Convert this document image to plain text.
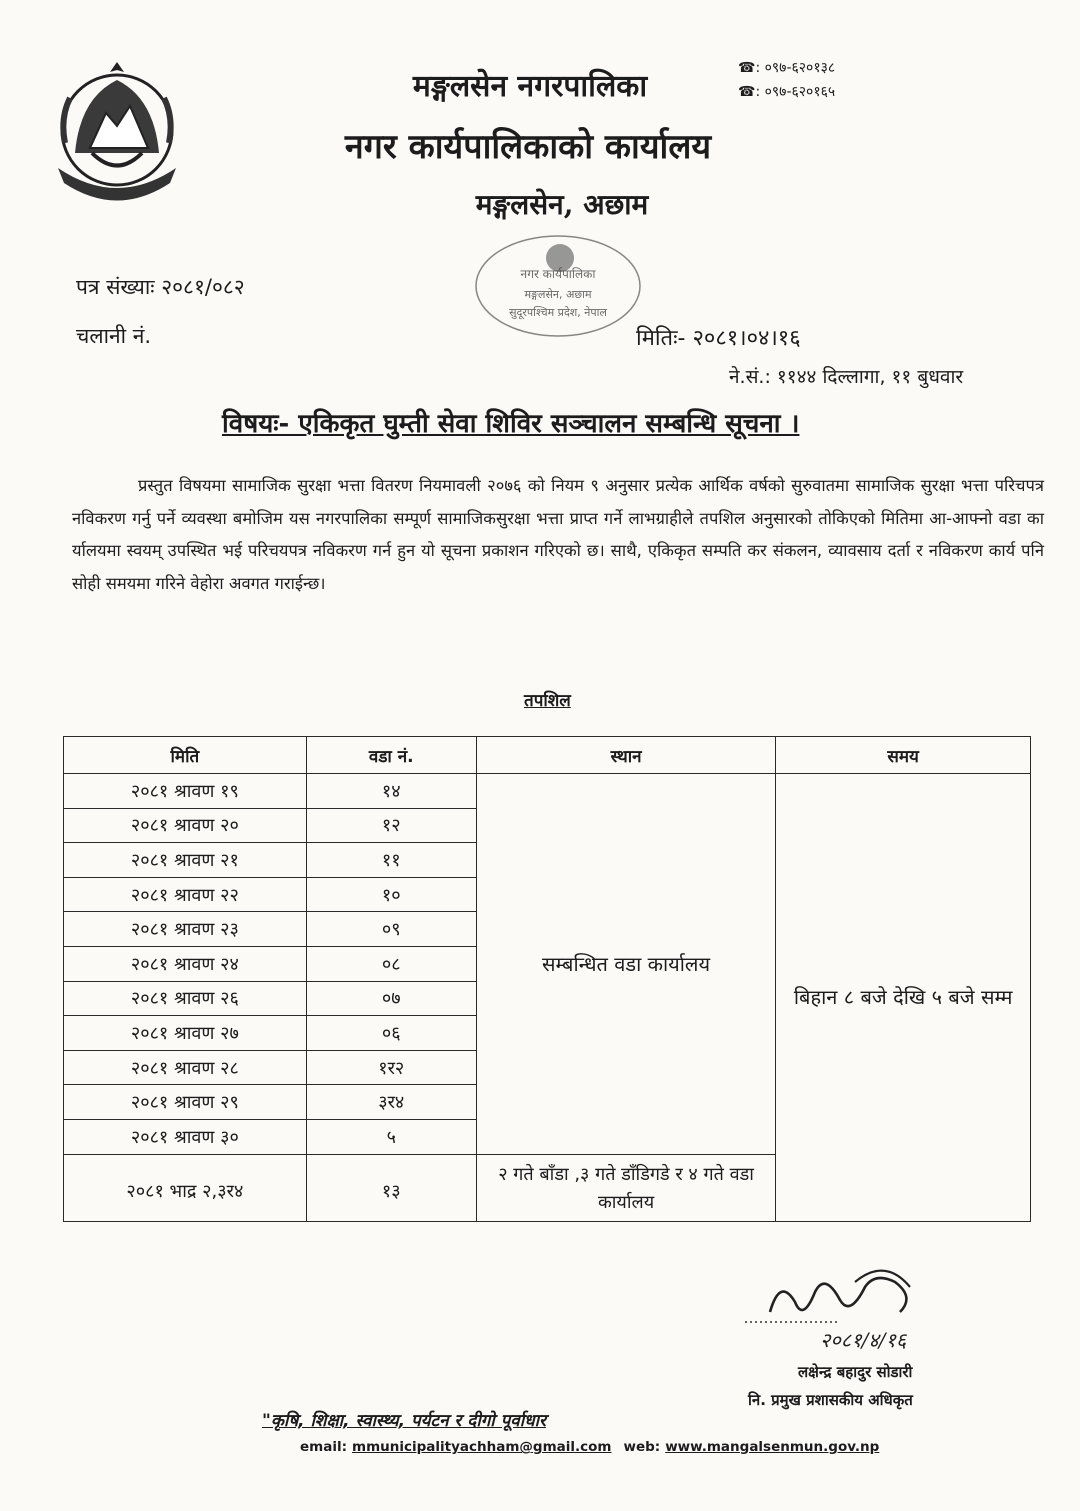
☎: ०९७-६२०१३८
☎: ०९७-६२०१६५
मङ्गलसेन नगरपालिका
नगर कार्यपालिकाको कार्यालय
मङ्गलसेन, अछाम
नगर कार्यपालिका
मङ्गलसेन, अछाम
सुदूरपश्चिम प्रदेश, नेपाल
पत्र संख्याः २०८१/०८२
चलानी नं.	मितिः- २०८१।०४।१६
ने.सं.: ११४४ दिल्लागा, ११ बुधवार
विषयः- एकिकृत घुम्ती सेवा शिविर सञ्चालन सम्बन्धि सूचना ।
प्रस्तुत विषयमा सामाजिक सुरक्षा भत्ता वितरण नियमावली २०७६ को नियम ९ अनुसार प्रत्येक आर्थिक वर्षको सुरुवातमा सामाजिक सुरक्षा भत्ता परिचपत्र नविकरण गर्नु पर्ने व्यवस्था बमोजिम यस नगरपालिका सम्पूर्ण सामाजिकसुरक्षा भत्ता प्राप्त गर्ने लाभग्राहीले तपशिल अनुसारको तोकिएको मितिमा आ-आफ्नो वडा का र्यालयमा स्वयम् उपस्थित भई परिचयपत्र नविकरण गर्न हुन यो सूचना प्रकाशन गरिएको छ। साथै, एकिकृत सम्पति कर संकलन, व्यावसाय दर्ता र नविकरण कार्य पनि सोही समयमा गरिने वेहोरा अवगत गराईन्छ।
तपशिल
मिति	वडा नं.	स्थान	समय
२०८१ श्रावण १९	१४	सम्बन्धित वडा कार्यालय	बिहान ८ बजे देखि ५ बजे सम्म
२०८१ श्रावण २०	१२		
२०८१ श्रावण २१	११		
२०८१ श्रावण २२	१०		
२०८१ श्रावण २३	०९		
२०८१ श्रावण २४	०८		
२०८१ श्रावण २६	०७		
२०८१ श्रावण २७	०६		
२०८१ श्रावण २८	१र२		
२०८१ श्रावण २९	३र४		
२०८१ श्रावण ३०	५		
२०८१ भाद्र २,३र४	१३	२ गते बाँडा ,३ गते डाँडिगडे र ४ गते वडा कार्यालय	
२०८१/४/१६
लक्षेन्द्र बहादुर सोडारी
नि. प्रमुख प्रशासकीय अधिकृत
"कृषि, शिक्षा, स्वास्थ्य, पर्यटन र दीगो पूर्वाधार
email: mmunicipalityachham@gmail.com web: www.mangalsenmun.gov.np
